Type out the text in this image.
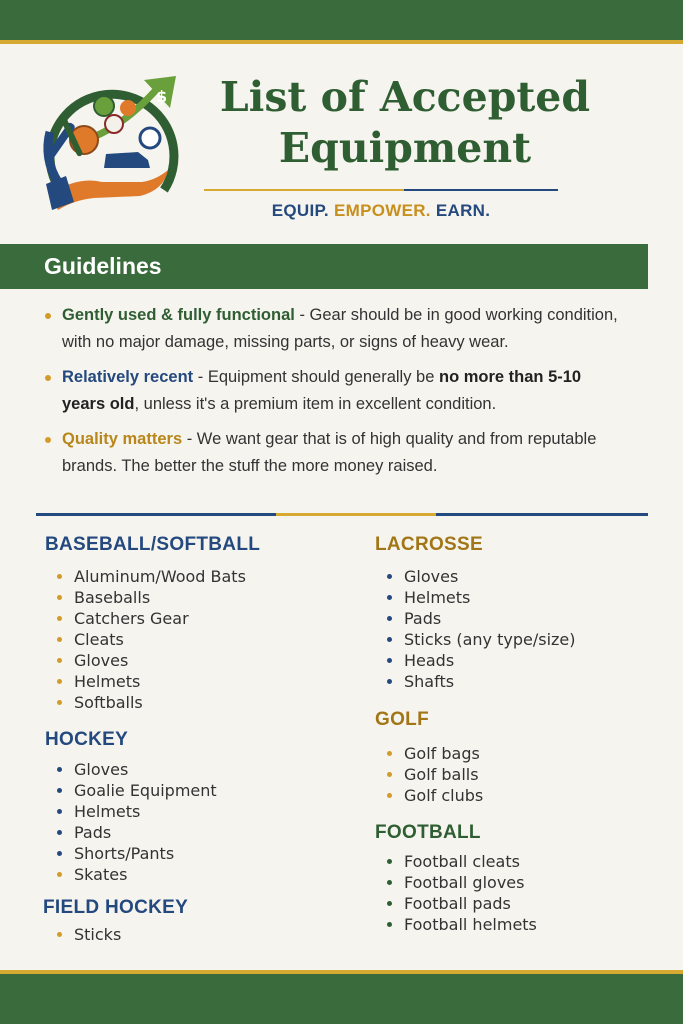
$	List of Accepted
Equipment
EQUIP. EMPOWER. EARN.
Guidelines
Gently used & fully functional - Gear should be in good working condition, with no major damage, missing parts, or signs of heavy wear.
Relatively recent - Equipment should generally be no more than 5-10 years old, unless it's a premium item in excellent condition.
Quality matters - We want gear that is of high quality and from reputable brands. The better the stuff the more money raised.
BASEBALL/SOFTBALL
Aluminum/Wood Bats
Baseballs
Catchers Gear
Cleats
Gloves
Helmets
Softballs
HOCKEY
Gloves
Goalie Equipment
Helmets
Pads
Shorts/Pants
Skates
FIELD HOCKEY
Sticks
LACROSSE
Gloves
Helmets
Pads
Sticks (any type/size)
Heads
Shafts
GOLF
Golf bags
Golf balls
Golf clubs
FOOTBALL
Football cleats
Football gloves
Football pads
Football helmets
